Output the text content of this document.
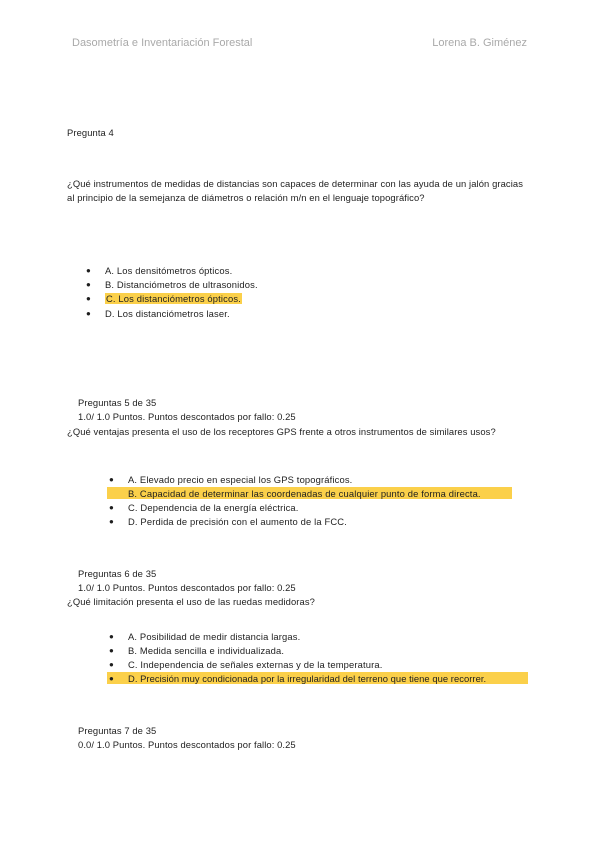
Dasometría e Inventariación Forestal	Lorena B. Giménez
Pregunta 4
¿Qué instrumentos de medidas de distancias son capaces de determinar con las ayuda de un jalón gracias al principio de la semejanza de diámetros o relación m/n en el lenguaje topográfico?
● A. Los densitómetros ópticos.
● B. Distanciómetros de ultrasonidos.
● C. Los distanciómetros ópticos.
● D. Los distanciómetros laser.
Preguntas 5 de 35
1.0/ 1.0 Puntos. Puntos descontados por fallo: 0.25
¿Qué ventajas presenta el uso de los receptores GPS frente a otros instrumentos de similares usos?
● A. Elevado precio en especial los GPS topográficos.
B. Capacidad de determinar las coordenadas de cualquier punto de forma directa.
● C. Dependencia de la energía eléctrica.
● D. Perdida de precisión con el aumento de la FCC.
Preguntas 6 de 35
1.0/ 1.0 Puntos. Puntos descontados por fallo: 0.25
¿Qué limitación presenta el uso de las ruedas medidoras?
● A. Posibilidad de medir distancia largas.
● B. Medida sencilla e individualizada.
● C. Independencia de señales externas y de la temperatura.
● D. Precisión muy condicionada por la irregularidad del terreno que tiene que recorrer.
Preguntas 7 de 35
0.0/ 1.0 Puntos. Puntos descontados por fallo: 0.25
